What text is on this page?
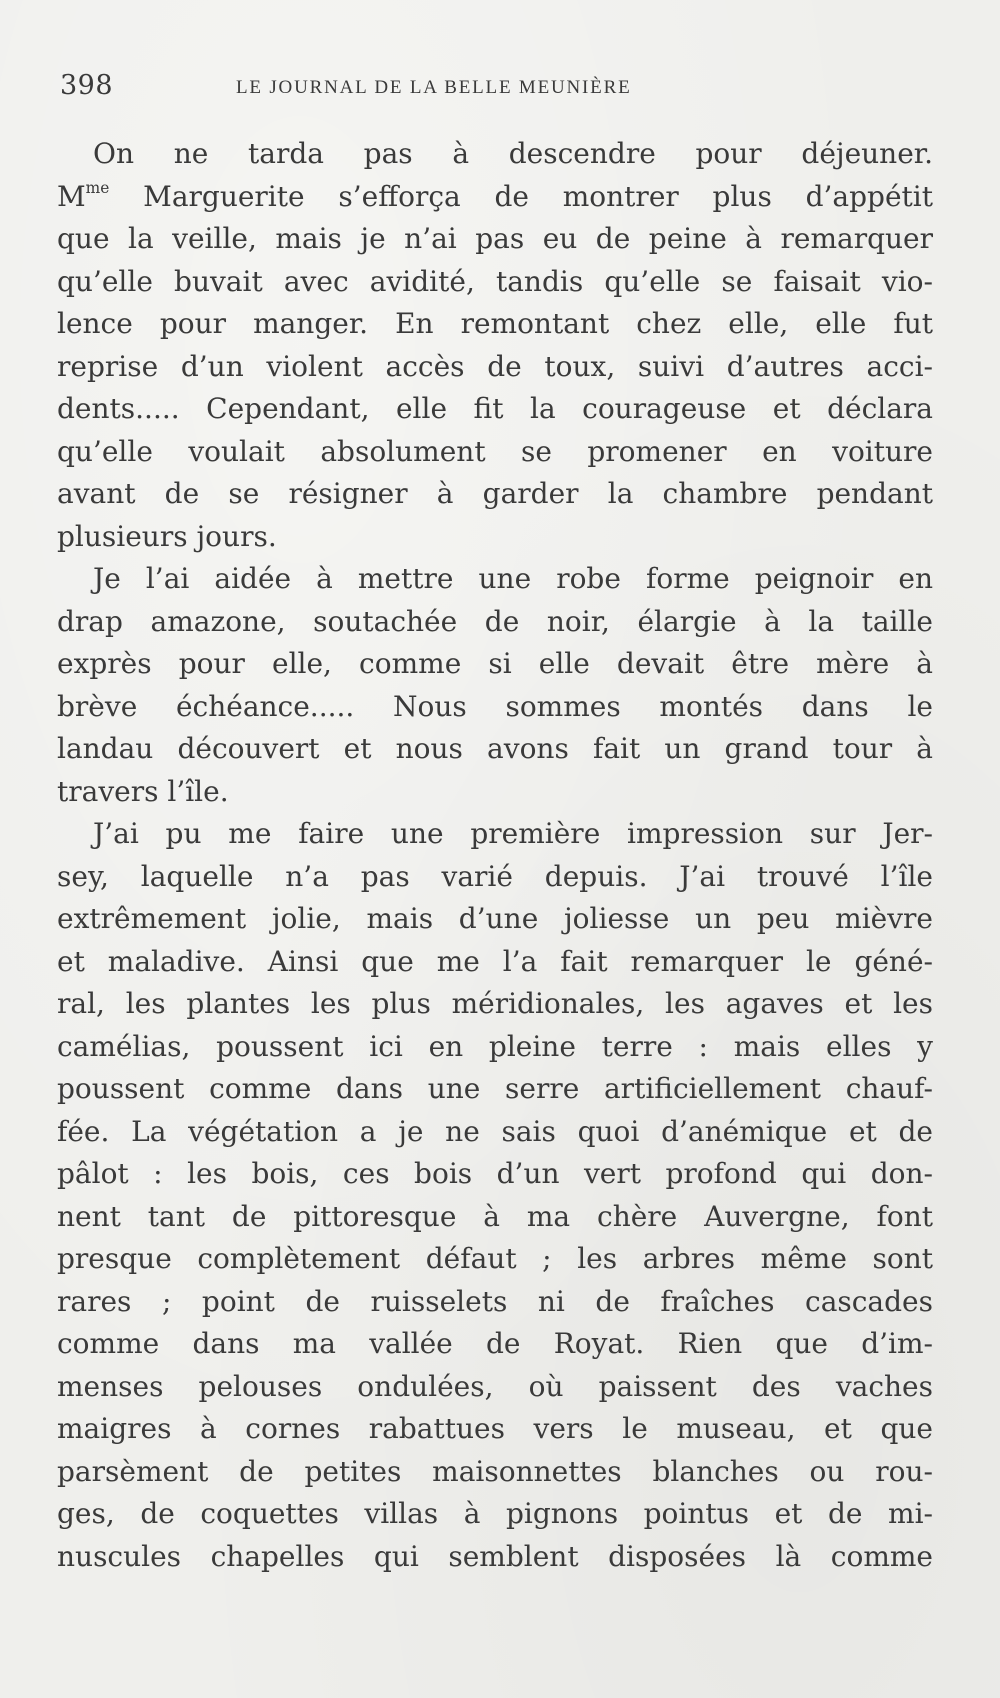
398	LE JOURNAL DE LA BELLE MEUNIÈRE
On ne tarda pas à descendre pour déjeuner.
$M^{me}$ Marguerite s’efforça de montrer plus d’appétit
que la veille, mais je n’ai pas eu de peine à remarquer
qu’elle buvait avec avidité, tandis qu’elle se faisait vio-
lence pour manger. En remontant chez elle, elle fut
reprise d’un violent accès de toux, suivi d’autres acci-
dents..... Cependant, elle fit la courageuse et déclara
qu’elle voulait absolument se promener en voiture
avant de se résigner à garder la chambre pendant
plusieurs jours.
Je l’ai aidée à mettre une robe forme peignoir en
drap amazone, soutachée de noir, élargie à la taille
exprès pour elle, comme si elle devait être mère à
brève échéance..... Nous sommes montés dans le
landau découvert et nous avons fait un grand tour à
travers l’île.
J’ai pu me faire une première impression sur Jer-
sey, laquelle n’a pas varié depuis. J’ai trouvé l’île
extrêmement jolie, mais d’une joliesse un peu mièvre
et maladive. Ainsi que me l’a fait remarquer le géné-
ral, les plantes les plus méridionales, les agaves et les
camélias, poussent ici en pleine terre : mais elles y
poussent comme dans une serre artificiellement chauf-
fée. La végétation a je ne sais quoi d’anémique et de
pâlot : les bois, ces bois d’un vert profond qui don-
nent tant de pittoresque à ma chère Auvergne, font
presque complètement défaut ; les arbres même sont
rares ; point de ruisselets ni de fraîches cascades
comme dans ma vallée de Royat. Rien que d’im-
menses pelouses ondulées, où paissent des vaches
maigres à cornes rabattues vers le museau, et que
parsèment de petites maisonnettes blanches ou rou-
ges, de coquettes villas à pignons pointus et de mi-
nuscules chapelles qui semblent disposées là comme
